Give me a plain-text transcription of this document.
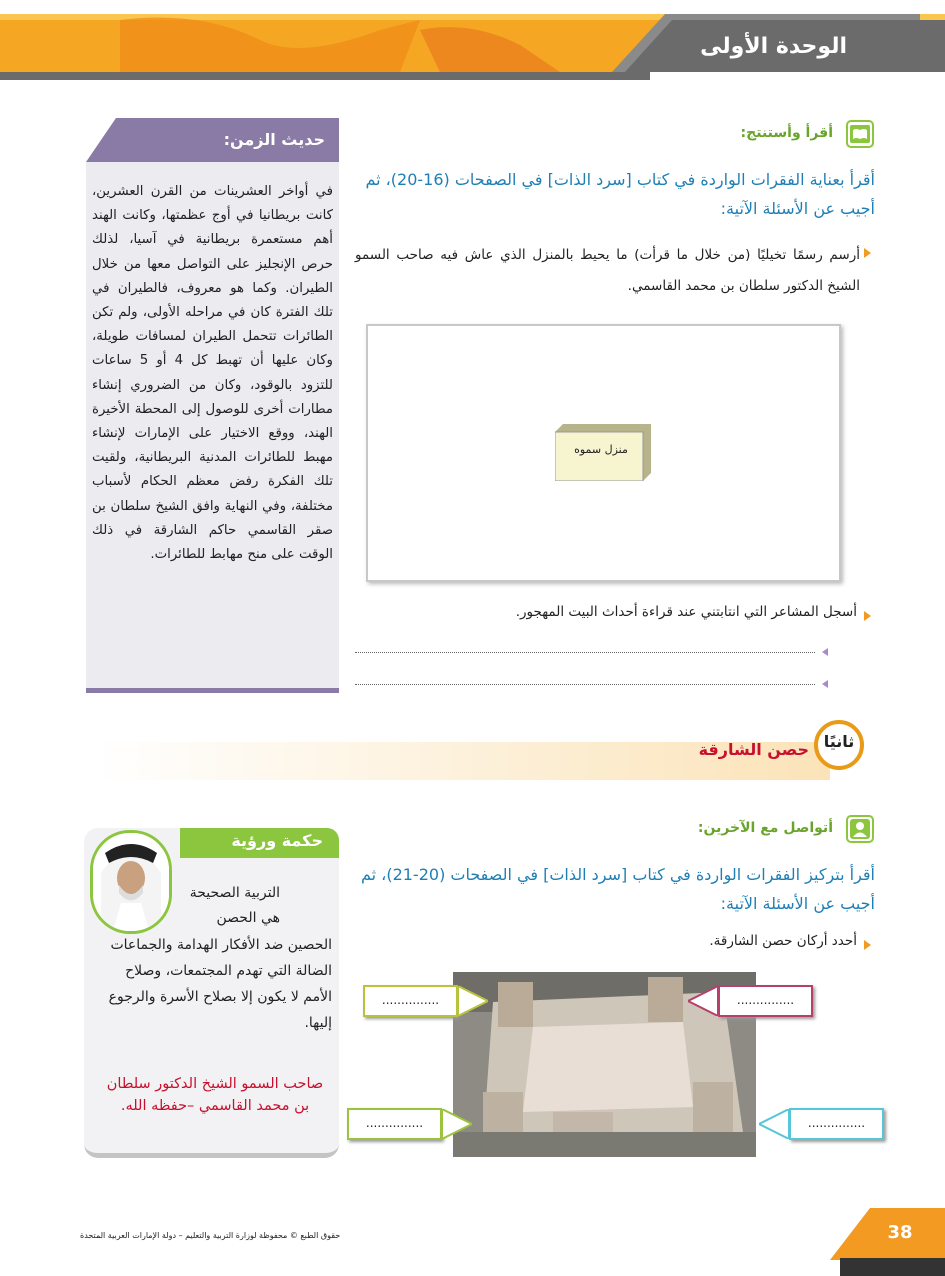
الوحدة الأولى
حديث الزمن:
في أواخر العشرينات من القرن العشرين، كانت بريطانيا في أوج عظمتها، وكانت الهند أهم مستعمرة بريطانية في آسيا، لذلك حرص الإنجليز على التواصل معها من خلال الطيران. وكما هو معروف، فالطيران في تلك الفترة كان في مراحله الأولى، ولم تكن الطائرات تتحمل الطيران لمسافات طويلة، وكان عليها أن تهبط كل 4 أو 5 ساعات للتزود بالوقود، وكان من الضروري إنشاء مطارات أخرى للوصول إلى المحطة الأخيرة الهند، ووقع الاختيار على الإمارات لإنشاء مهبط للطائرات المدنية البريطانية، ولقيت تلك الفكرة رفض معظم الحكام لأسباب مختلفة، وفي النهاية وافق الشيخ سلطان بن صقر القاسمي حاكم الشارقة في ذلك الوقت على منح مهابط للطائرات.
أقرأ وأستنتج:
أقرأ بعناية الفقرات الواردة في كتاب [سرد الذات] في الصفحات (16-20)، ثم أجيب عن الأسئلة الآتية:
أرسم رسمًا تخيليًا (من خلال ما قرأت) ما يحيط بالمنزل الذي عاش فيه صاحب السمو الشيخ الدكتور سلطان بن محمد القاسمي.
منزل سموه
أسجل المشاعر التي انتابتني عند قراءة أحداث البيت المهجور.
ثانيًا
حصن الشارقة
أتواصل مع الآخرين:
أقرأ بتركيز الفقرات الواردة في كتاب [سرد الذات] في الصفحات (20-21)، ثم أجيب عن الأسئلة الآتية:
أحدد أركان حصن الشارقة.
...............	...............
...............	...............
حكمة ورؤية
التربية الصحيحة
هي الحصن
الحصين ضد الأفكار الهدامة والجماعات الضالة التي تهدم المجتمعات، وصلاح الأمم لا يكون إلا بصلاح الأسرة والرجوع إليها.
صاحب السمو الشيخ الدكتور سلطان بن محمد القاسمي –حفظه الله.
حقوق الطبع © محفوظة لوزارة التربية والتعليم – دولة الإمارات العربية المتحدة	38
